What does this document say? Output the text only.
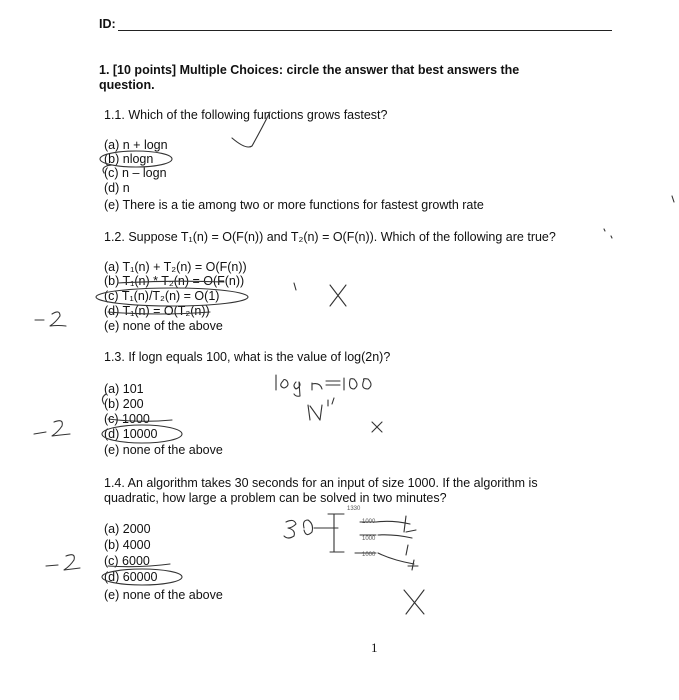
ID:
1. [10 points] Multiple Choices: circle the answer that best answers the
question.
1.1. Which of the following functions grows fastest?
(a) n + logn
(b) nlogn
(c) n – logn
(d) n
(e) There is a tie among two or more functions for fastest growth rate
1.2. Suppose T₁(n) = O(F(n)) and T₂(n) = O(F(n)). Which of the following are true?
(a) T₁(n) + T₂(n) = O(F(n))
(b) T₁(n) * T₂(n) = O(F(n))
(c) T₁(n)/T₂(n) = O(1)
(d) T₁(n) = O(T₂(n))
(e) none of the above
1.3. If logn equals 100, what is the value of log(2n)?
(a) 101
(b) 200
(c) 1000
(d) 10000
(e) none of the above
1.4. An algorithm takes 30 seconds for an input of size 1000. If the algorithm is
quadratic, how large a problem can be solved in two minutes?
(a) 2000
(b) 4000
(c) 6000
(d) 60000
(e) none of the above
1
1330
1000
1000
1000
